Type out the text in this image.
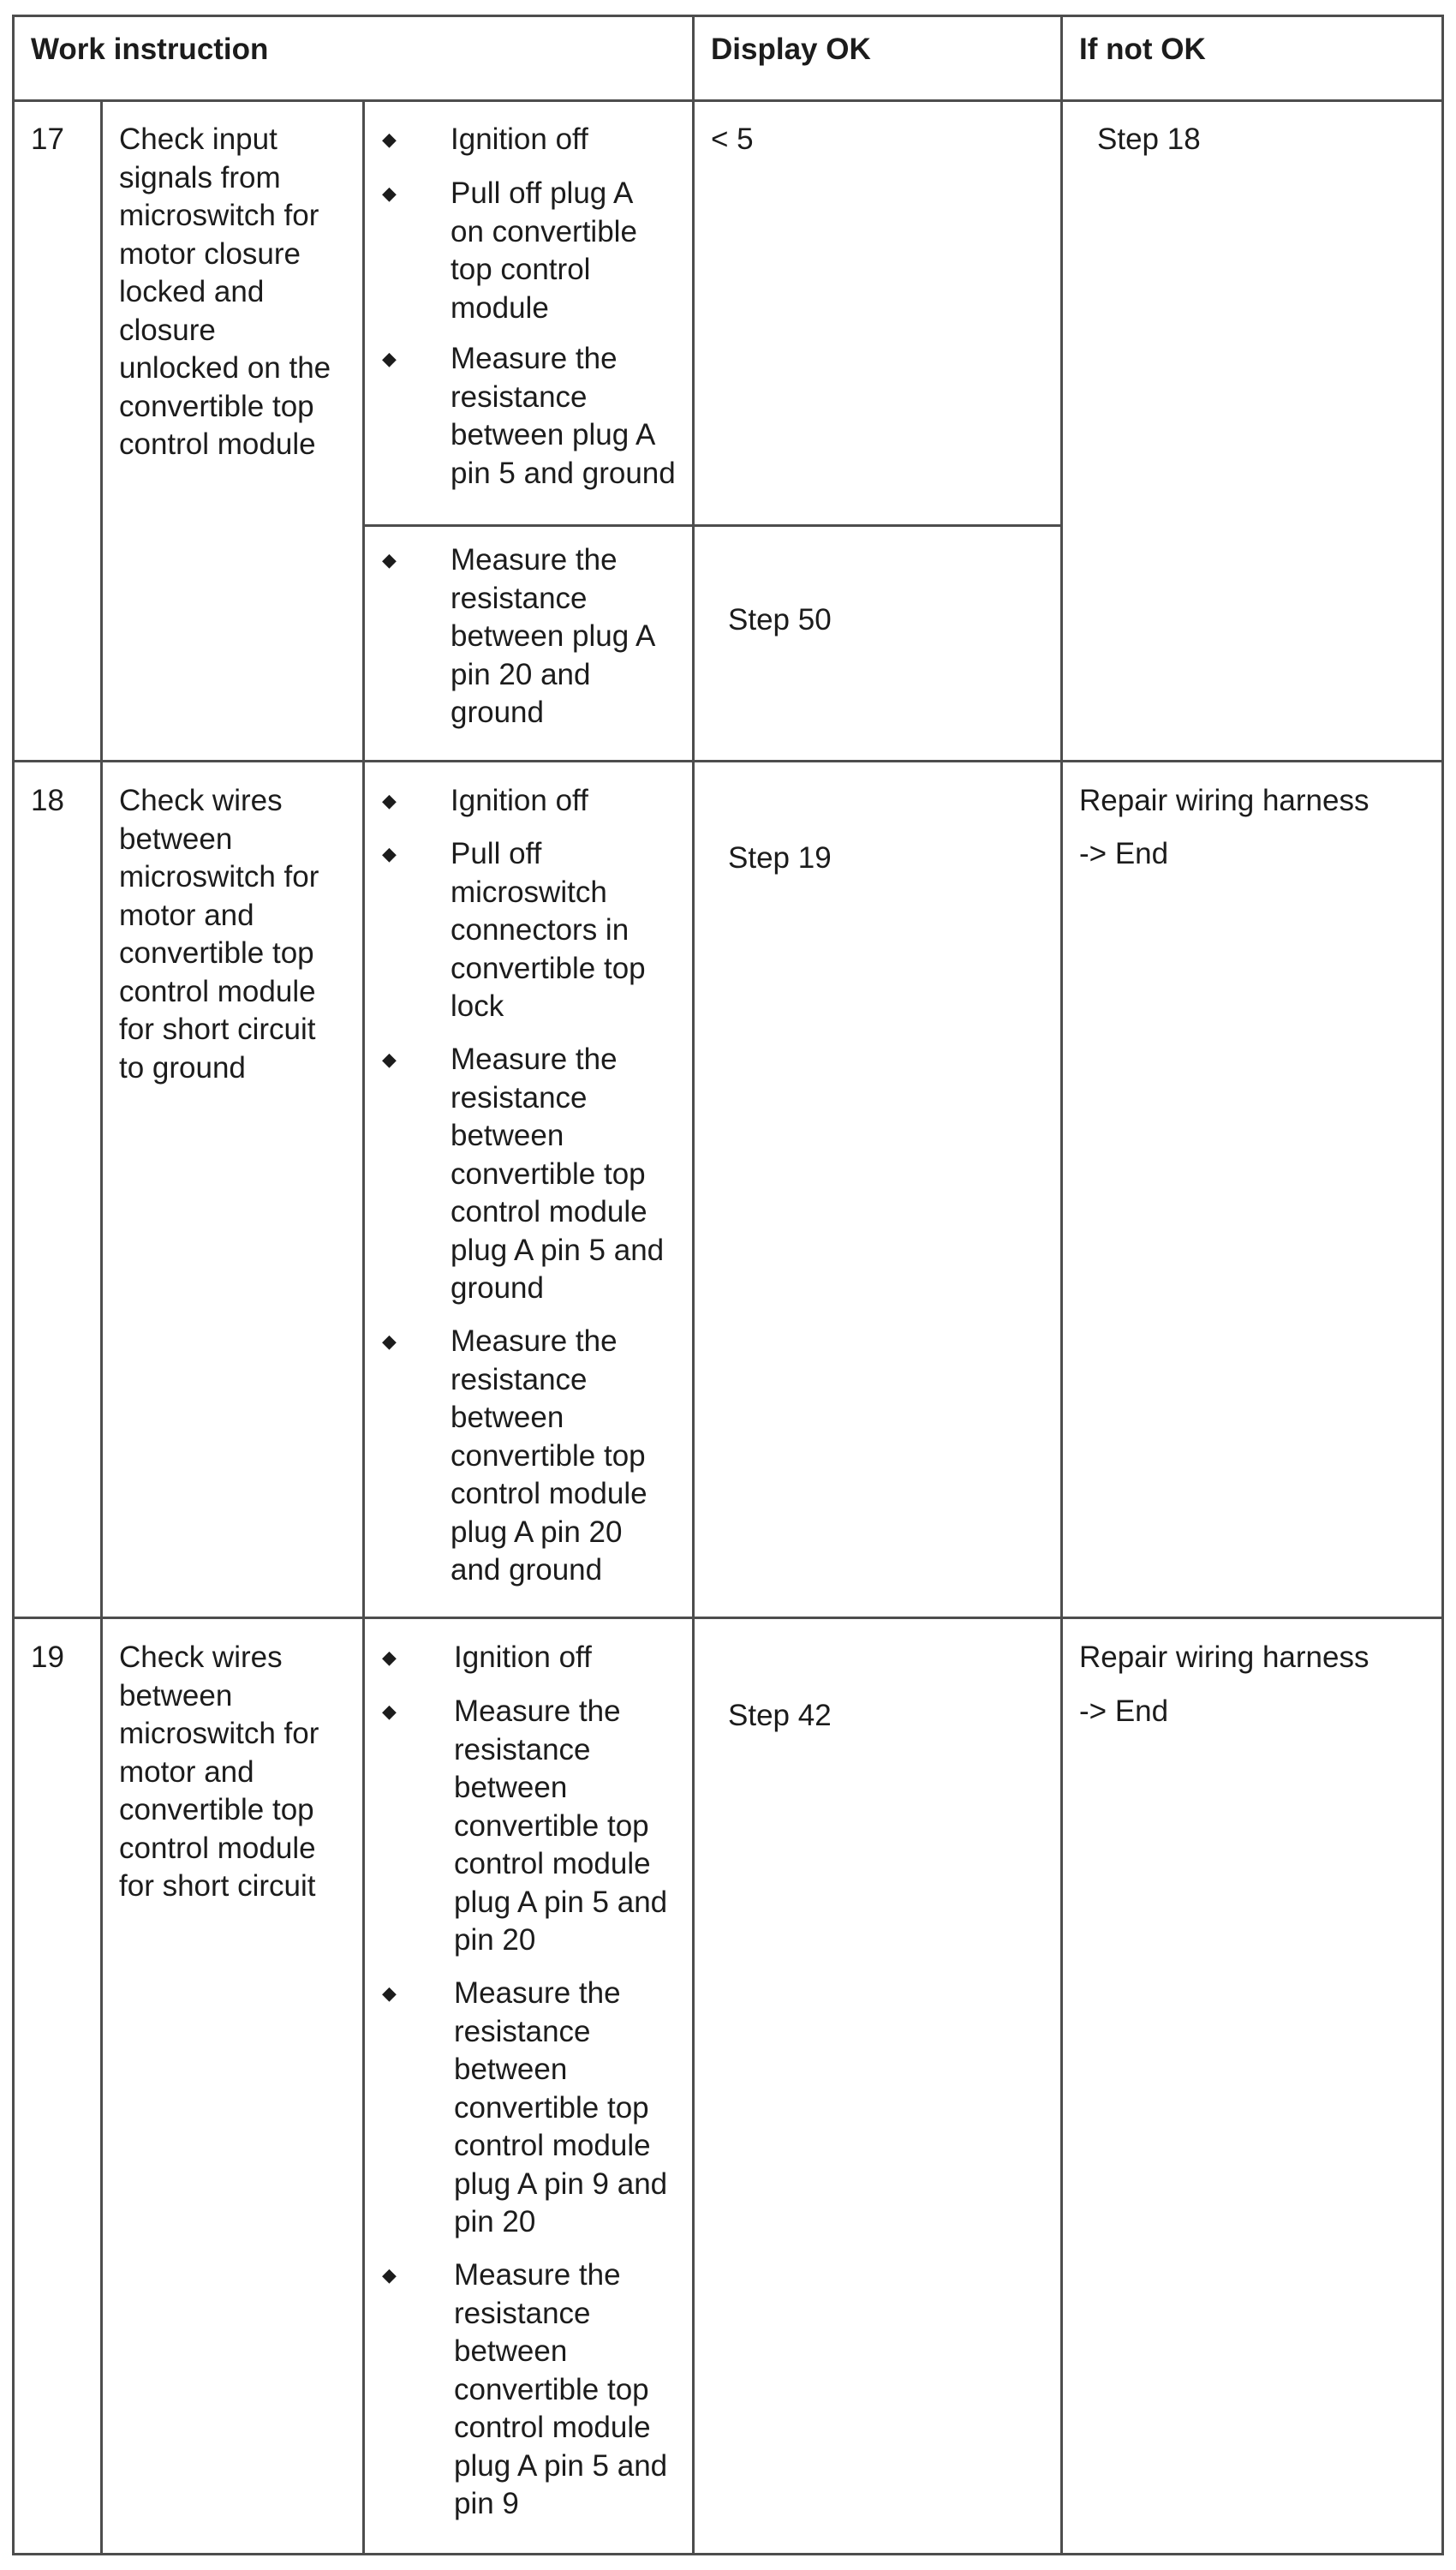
Work instruction	Display OK	If not OK
17 Check input
signals from
microswitch for
motor closure
locked and
closure
unlocked on the
convertible top
control module
◆ Ignition off
◆ Pull off plug A
on convertible
top control
module
◆ Measure the
resistance
between plug A
pin 5 and ground
< 5
◆ Measure the
resistance
between plug A
pin 20 and
ground
Step 50
Step 18
18 Check wires
between
microswitch for
motor and
convertible top
control module
for short circuit
to ground
◆ Ignition off
◆ Pull off
microswitch
connectors in
convertible top
lock
◆ Measure the
resistance
between
convertible top
control module
plug A pin 5 and
ground
◆ Measure the
resistance
between
convertible top
control module
plug A pin 20
and ground
Step 19
Repair wiring harness
-> End
19 Check wires
between
microswitch for
motor and
convertible top
control module
for short circuit
◆ Ignition off
◆ Measure the
resistance
between
convertible top
control module
plug A pin 5 and
pin 20
◆ Measure the
resistance
between
convertible top
control module
plug A pin 9 and
pin 20
◆ Measure the
resistance
between
convertible top
control module
plug A pin 5 and
pin 9
Step 42
Repair wiring harness
-> End
